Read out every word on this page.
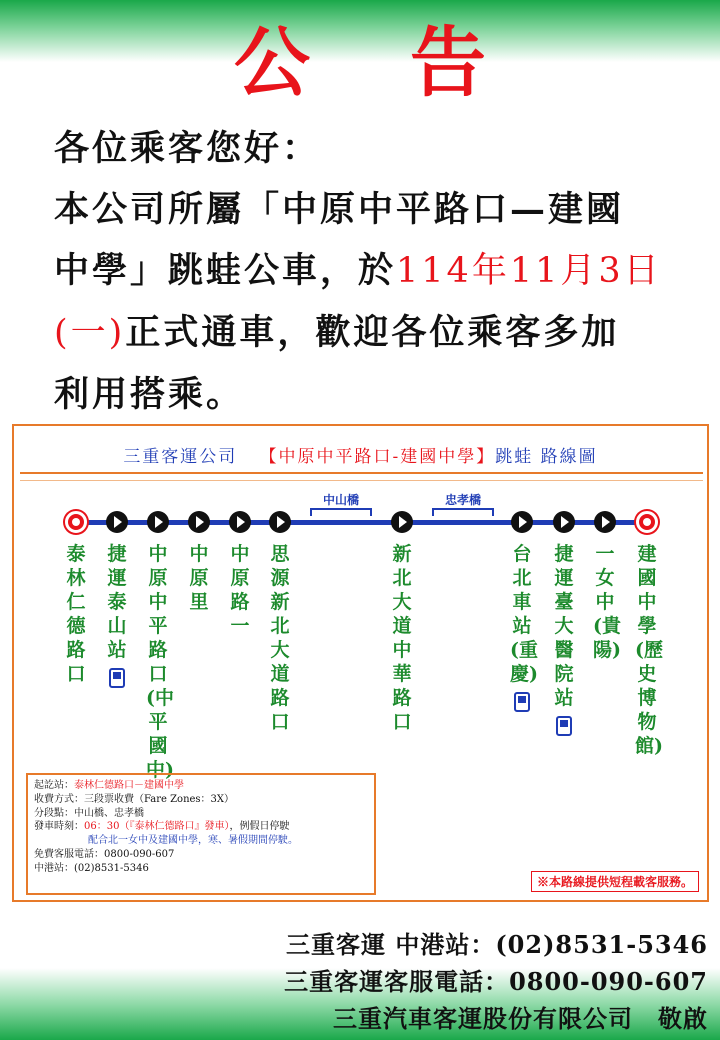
公告

各位乘客您好：

本公司所屬「中原中平路口—建國

中學」跳蛙公車，於114年11月3日

(一)正式通車，歡迎各位乘客多加

利用搭乘。

三重客運公司 【中原中平路口-建國中學】跳蛙 路線圖
中山橋	忠孝橋
泰林仁德路口
捷運泰山站
中原中平路口(中平國中)
中原里
中原路一
思源新北大道路口
新北大道中華路口
台北車站(重慶)
捷運臺大醫院站
一女中(貴陽)
建國中學(歷史博物館)
起訖站：泰林仁德路口－建國中學
收費方式：三段票收費（Fare Zones：3X）
分段點：中山橋、忠孝橋
發車時刻：06：30（『泰林仁德路口』發車），例假日停駛
配合北一女中及建國中學，寒、暑假期間停駛。
免費客服電話：0800-090-607
中港站：(02)8531-5346
※本路線提供短程載客服務。

三重客運 中港站：(02)8531-5346

三重客運客服電話：0800-090-607

三重汽車客運股份有限公司　敬啟
